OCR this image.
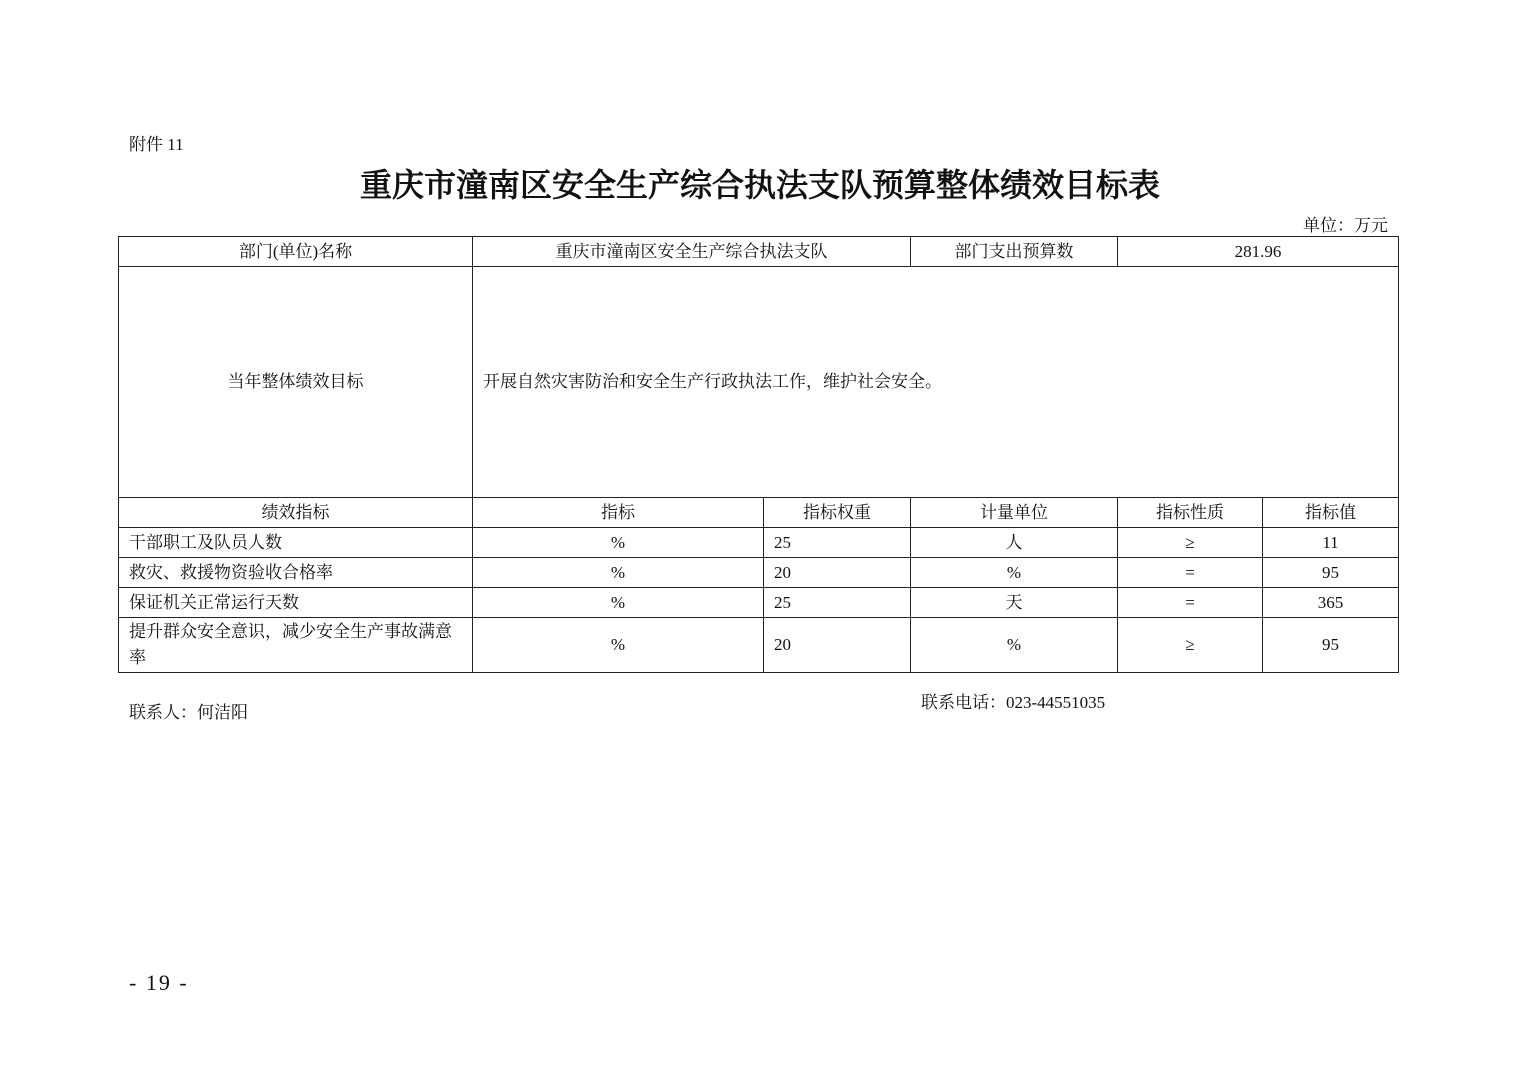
附件 11
重庆市潼南区安全生产综合执法支队预算整体绩效目标表
单位：万元
部门(单位)名称	重庆市潼南区安全生产综合执法支队		部门支出预算数	281.96	
当年整体绩效目标	开展自然灾害防治和安全生产行政执法工作，维护社会安全。				
绩效指标	指标	指标权重	计量单位	指标性质	指标值
干部职工及队员人数	%	25	人	≥	11
救灾、救援物资验收合格率	%	20	%	=	95
保证机关正常运行天数	%	25	天	=	365
提升群众安全意识，减少安全生产事故满意率	%	20	%	≥	95
联系人：何洁阳
联系电话：023-44551035
- 19 -
